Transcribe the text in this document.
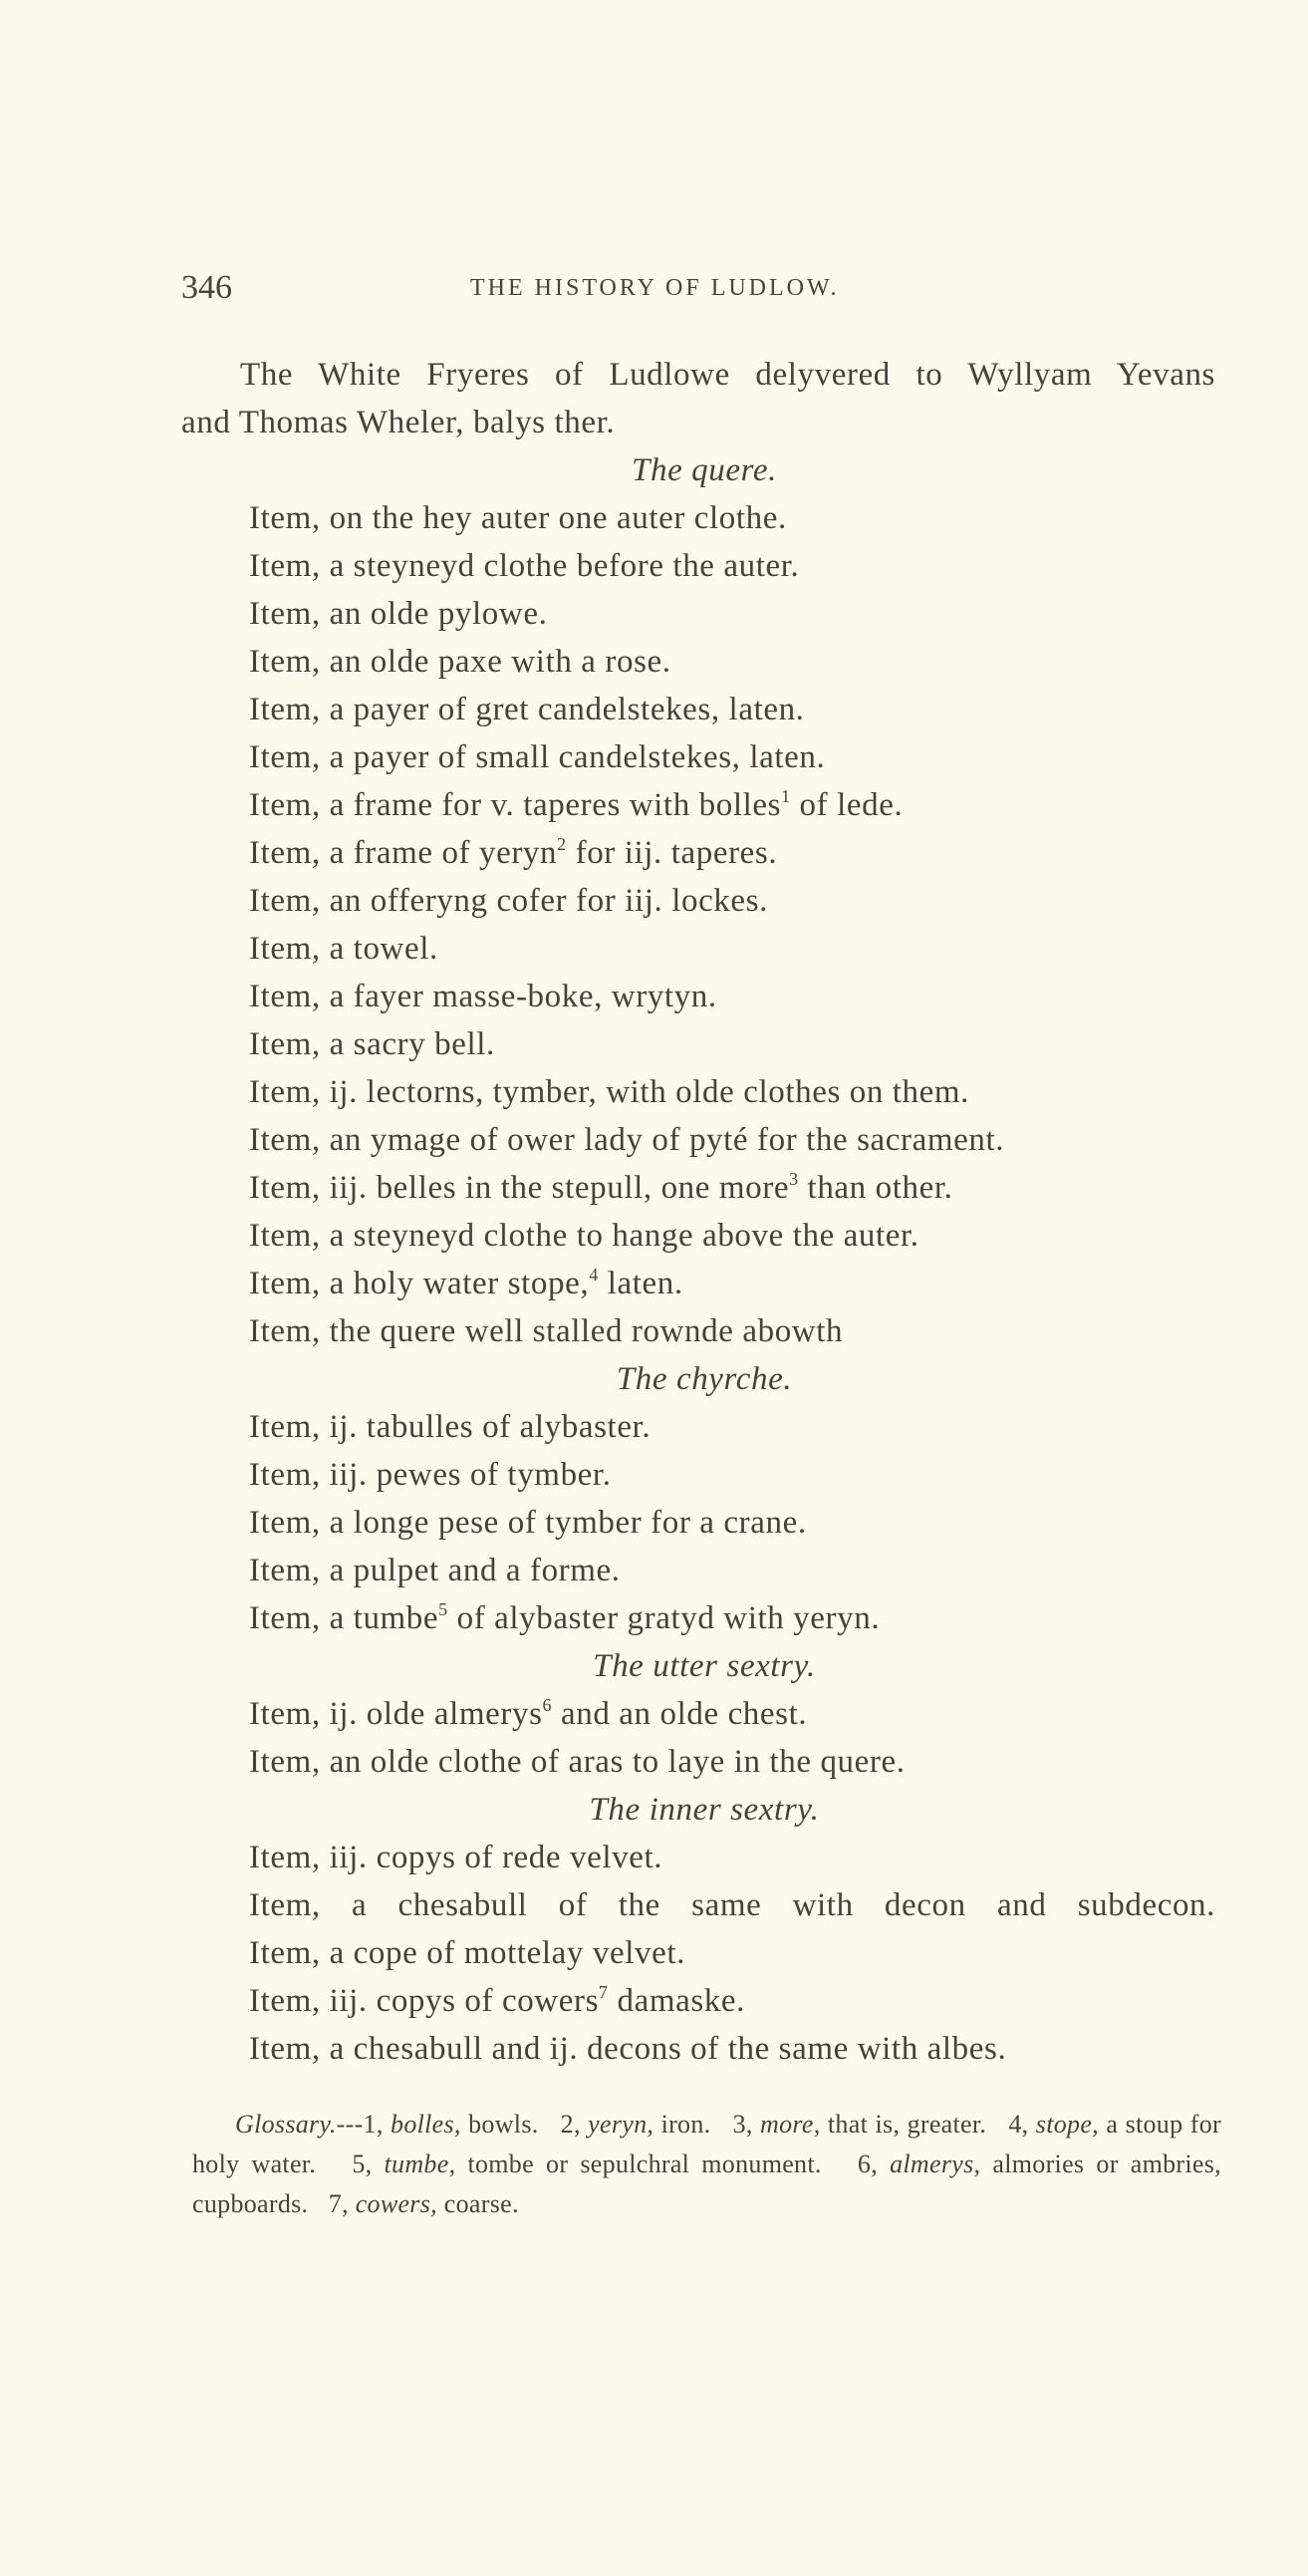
346	THE HISTORY OF LUDLOW.
The White Fryeres of Ludlowe delyvered to Wyllyam Yevans
and Thomas Wheler, balys ther.
The quere.
Item, on the hey auter one auter clothe.
Item, a steyneyd clothe before the auter.
Item, an olde pylowe.
Item, an olde paxe with a rose.
Item, a payer of gret candelstekes, laten.
Item, a payer of small candelstekes, laten.
Item, a frame for v. taperes with bolles$^1$ of lede.
Item, a frame of yeryn$^2$ for iij. taperes.
Item, an offeryng cofer for iij. lockes.
Item, a towel.
Item, a fayer masse-boke, wrytyn.
Item, a sacry bell.
Item, ij. lectorns, tymber, with olde clothes on them.
Item, an ymage of ower lady of pyté for the sacrament.
Item, iij. belles in the stepull, one more$^3$ than other.
Item, a steyneyd clothe to hange above the auter.
Item, a holy water stope,$^4$ laten.
Item, the quere well stalled rownde abowth
The chyrche.
Item, ij. tabulles of alybaster.
Item, iij. pewes of tymber.
Item, a longe pese of tymber for a crane.
Item, a pulpet and a forme.
Item, a tumbe$^5$ of alybaster gratyd with yeryn.
The utter sextry.
Item, ij. olde almerys$^6$ and an olde chest.
Item, an olde clothe of aras to laye in the quere.
The inner sextry.
Item, iij. copys of rede velvet.
Item, a chesabull of the same with decon and subdecon.
Item, a cope of mottelay velvet.
Item, iij. copys of cowers$^7$ damaske.
Item, a chesabull and ij. decons of the same with albes.
Glossary.---1, bolles, bowls. 2, yeryn, iron. 3, more, that is, greater. 4, stope, a stoup for holy water. 5, tumbe, tombe or sepulchral monument. 6, almerys, almories or ambries, cupboards. 7, cowers, coarse.
